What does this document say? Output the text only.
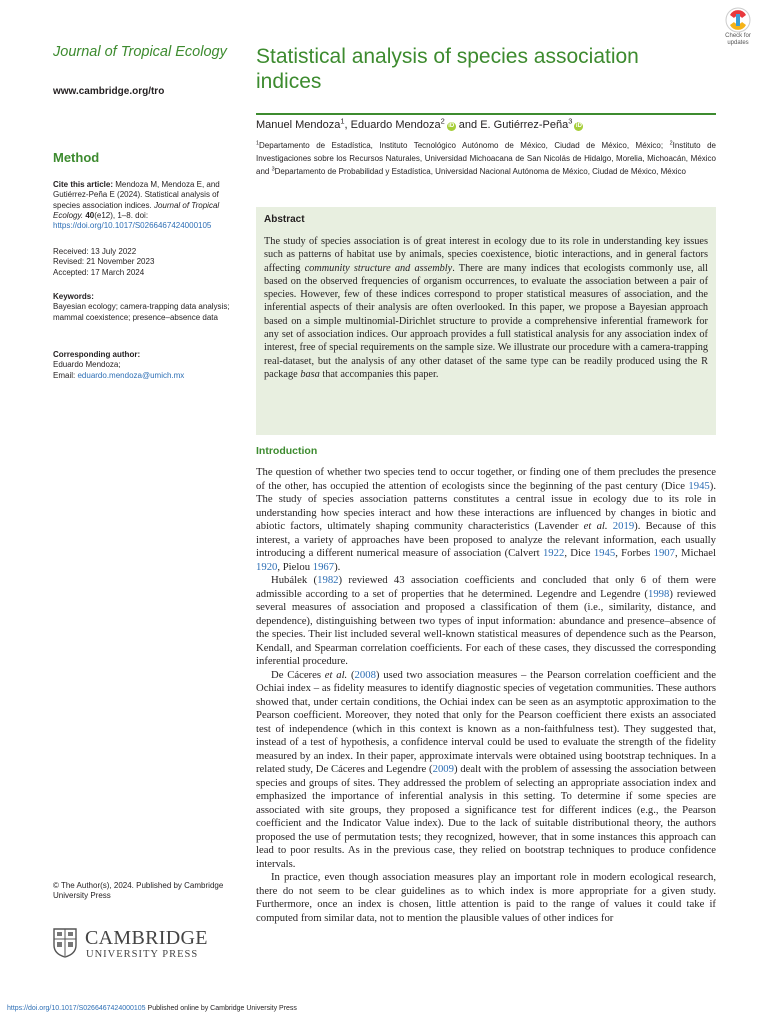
Journal of Tropical Ecology
www.cambridge.org/tro
Method
Cite this article: Mendoza M, Mendoza E, and Gutiérrez-Peña E (2024). Statistical analysis of species association indices. Journal of Tropical Ecology. 40(e12), 1–8. doi: https://doi.org/10.1017/S0266467424000105
Received: 13 July 2022
Revised: 21 November 2023
Accepted: 17 March 2024
Keywords:
Bayesian ecology; camera-trapping data analysis; mammal coexistence; presence–absence data
Corresponding author:
Eduardo Mendoza;
Email: eduardo.mendoza@umich.mx
© The Author(s), 2024. Published by Cambridge University Press
CAMBRIDGE
UNIVERSITY PRESS
Statistical analysis of species association indices
Check for
updates
Manuel Mendoza$^1$, Eduardo Mendoza$^2$iD and E. Gutiérrez-Peña$^3$iD
$^1$Departamento de Estadística, Instituto Tecnológico Autónomo de México, Ciudad de México, México; $^2$Instituto de Investigaciones sobre los Recursos Naturales, Universidad Michoacana de San Nicolás de Hidalgo, Morelia, Michoacán, México and $^3$Departamento de Probabilidad y Estadística, Universidad Nacional Autónoma de México, Ciudad de México, México
Abstract
The study of species association is of great interest in ecology due to its role in understanding key issues such as patterns of habitat use by animals, species coexistence, biotic interactions, and in general factors affecting community structure and assembly. There are many indices that ecologists commonly use, all based on the observed frequencies of organism occurrences, to evaluate the association between a pair of species. However, few of these indices correspond to proper statistical measures of association, and the inferential aspects of their analysis are often overlooked. In this paper, we propose a Bayesian approach based on a simple multinomial-Dirichlet structure to provide a comprehensive inferential framework for any set of association indices. Our approach provides a full statistical analysis for any association index of interest, free of special requirements on the sample size. We illustrate our procedure with a camera-trapping real-dataset, but the analysis of any other dataset of the same type can be readily produced using the R package basa that accompanies this paper.
Introduction

The question of whether two species tend to occur together, or finding one of them precludes the presence of the other, has occupied the attention of ecologists since the beginning of the past century (Dice 1945). The study of species association patterns constitutes a central issue in ecology due to its role in understanding how species interact and how these interactions are influenced by changes in biotic and abiotic factors, ultimately shaping community characteristics (Lavender et al. 2019). Because of this interest, a variety of approaches have been proposed to analyze the relevant information, each usually introducing a different numerical measure of association (Calvert 1922, Dice 1945, Forbes 1907, Michael 1920, Pielou 1967).

Hubálek (1982) reviewed 43 association coefficients and concluded that only 6 of them were admissible according to a set of properties that he determined. Legendre and Legendre (1998) reviewed several measures of association and proposed a classification of them (i.e., similarity, distance, and dependence), distinguishing between two types of input information: abundance and presence–absence of the species. Their list included several well-known statistical measures of dependence such as the Pearson, Kendall, and Spearman correlation coefficients. For each of these cases, they discussed the corresponding inferential procedure.

De Cáceres et al. (2008) used two association measures – the Pearson correlation coefficient and the Ochiai index – as fidelity measures to identify diagnostic species of vegetation communities. These authors showed that, under certain conditions, the Ochiai index can be seen as an asymptotic approximation to the Pearson coefficient. Moreover, they noted that only for the Pearson coefficient there exists an associated test of independence (which in this context is known as a non-faithfulness test). They suggested that, instead of a test of hypothesis, a confidence interval could be used to evaluate the strength of the fidelity measured by an index. In their paper, approximate intervals were obtained using bootstrap techniques. In a related study, De Cáceres and Legendre (2009) dealt with the problem of assessing the association between species and groups of sites. They addressed the problem of selecting an appropriate association index and emphasized the importance of inferential analysis in this setting. To determine if some species are associated with site groups, they proposed a significance test for different indices (e.g., the Pearson coefficient and the Indicator Value index). Due to the lack of suitable distributional theory, the authors proposed the use of permutation tests; they recognized, however, that in some instances this approach can lead to poor results. As in the previous case, they relied on bootstrap techniques to produce confidence intervals.

In practice, even though association measures play an important role in modern ecological research, there do not seem to be clear guidelines as to which index is more appropriate for a given study. Furthermore, once an index is chosen, little attention is paid to the range of values it could take if computed from similar data, not to mention the plausible values of other indices for

https://doi.org/10.1017/S0266467424000105 Published online by Cambridge University Press
